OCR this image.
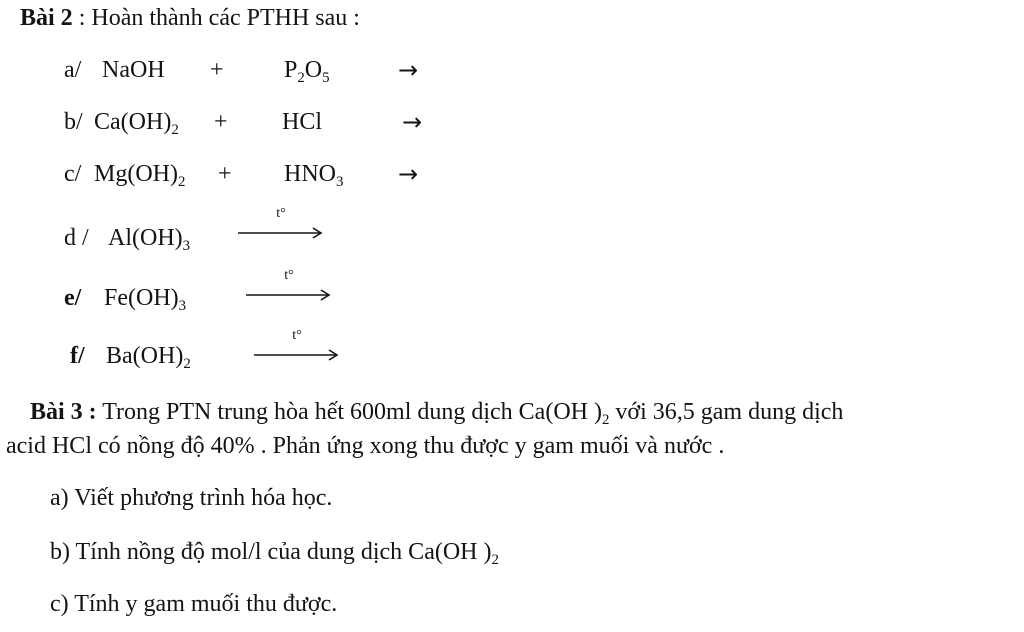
Bài 2 : Hoàn thành các PTHH sau :
a/ NaOH +	$P_2O_5$	→
b/ $Ca(OH)_2$ + HCl	→
c/ $Mg(OH)_2 + HNO_3$ →
d / $Al(OH)_3$
t°
e/ $Fe(OH)_3$
t°
f/ $Ba(OH)_2$
t°
Bài 3 : Trong PTN trung hòa hết 600ml dung dịch Ca(OH )$_2$ với 36,5 gam dung dịch
acid HCl có nồng độ 40% . Phản ứng xong thu được y gam muối và nước .
a) Viết phương trình hóa học.
b) Tính nồng độ mol/l của dung dịch Ca(OH )$_2$
c) Tính y gam muối thu được.
